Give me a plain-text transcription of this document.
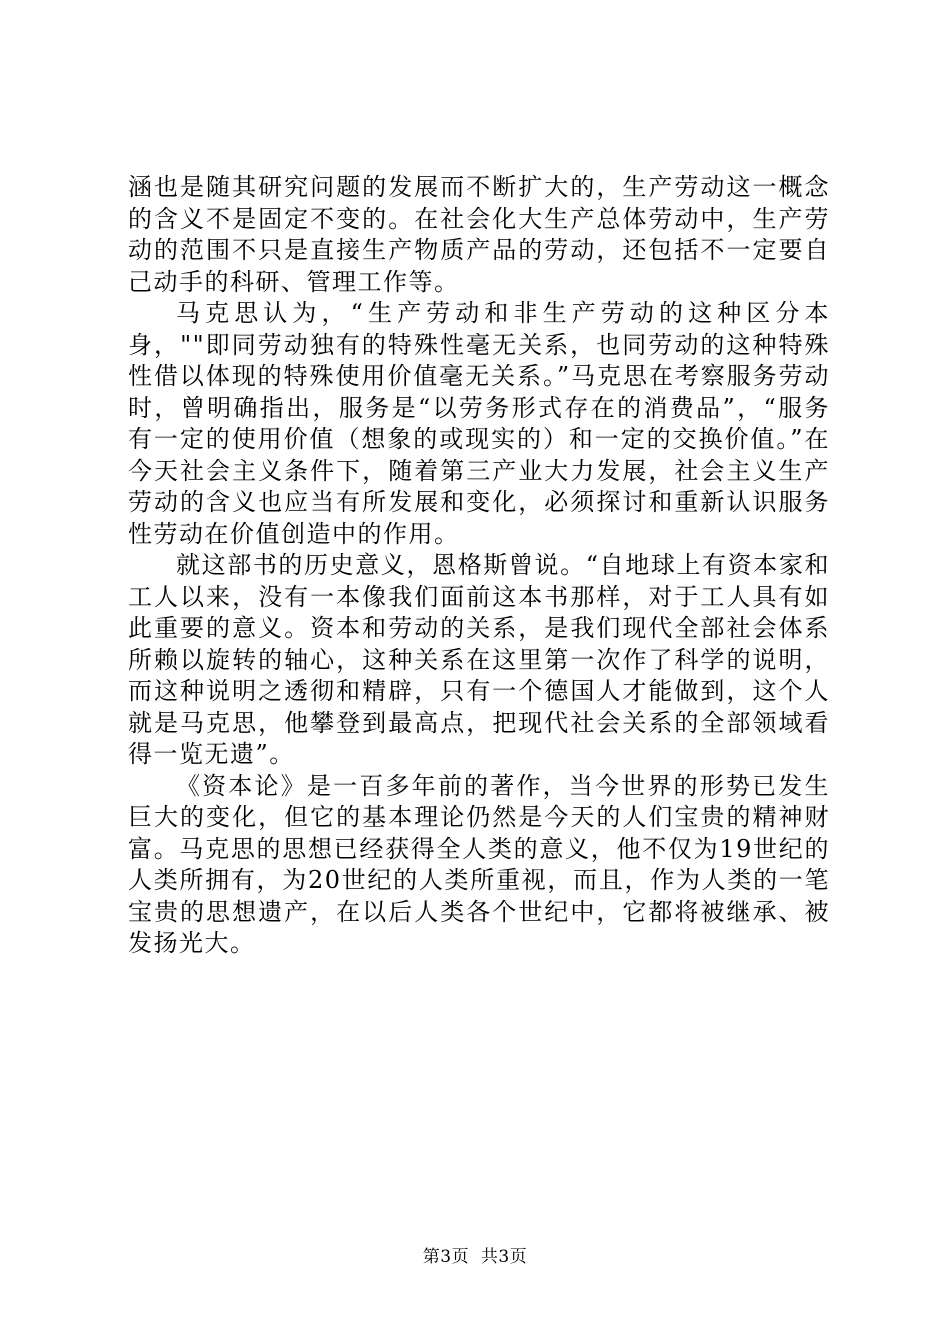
涵也是随其研究问题的发展而不断扩大的，生产劳动这一概念的含义不是固定不变的。在社会化大生产总体劳动中，生产劳动的范围不只是直接生产物质产品的劳动，还包括不一定要自己动手的科研、管理工作等。

马克思认为，“生产劳动和非生产劳动的这种区分本身，""即同劳动独有的特殊性毫无关系，也同劳动的这种特殊性借以体现的特殊使用价值毫无关系。”马克思在考察服务劳动时，曾明确指出，服务是“以劳务形式存在的消费品”，“服务有一定的使用价值（想象的或现实的）和一定的交换价值。”在今天社会主义条件下，随着第三产业大力发展，社会主义生产劳动的含义也应当有所发展和变化，必须探讨和重新认识服务性劳动在价值创造中的作用。

就这部书的历史意义，恩格斯曾说。“自地球上有资本家和工人以来，没有一本像我们面前这本书那样，对于工人具有如此重要的意义。资本和劳动的关系，是我们现代全部社会体系所赖以旋转的轴心，这种关系在这里第一次作了科学的说明，而这种说明之透彻和精辟，只有一个德国人才能做到，这个人就是马克思，他攀登到最高点，把现代社会关系的全部领域看得一览无遗”。

《资本论》是一百多年前的著作，当今世界的形势已发生巨大的变化，但它的基本理论仍然是今天的人们宝贵的精神财富。马克思的思想已经获得全人类的意义，他不仅为19世纪的人类所拥有，为20世纪的人类所重视，而且，作为人类的一笔宝贵的思想遗产，在以后人类各个世纪中，它都将被继承、被发扬光大。

第3页  共3页
